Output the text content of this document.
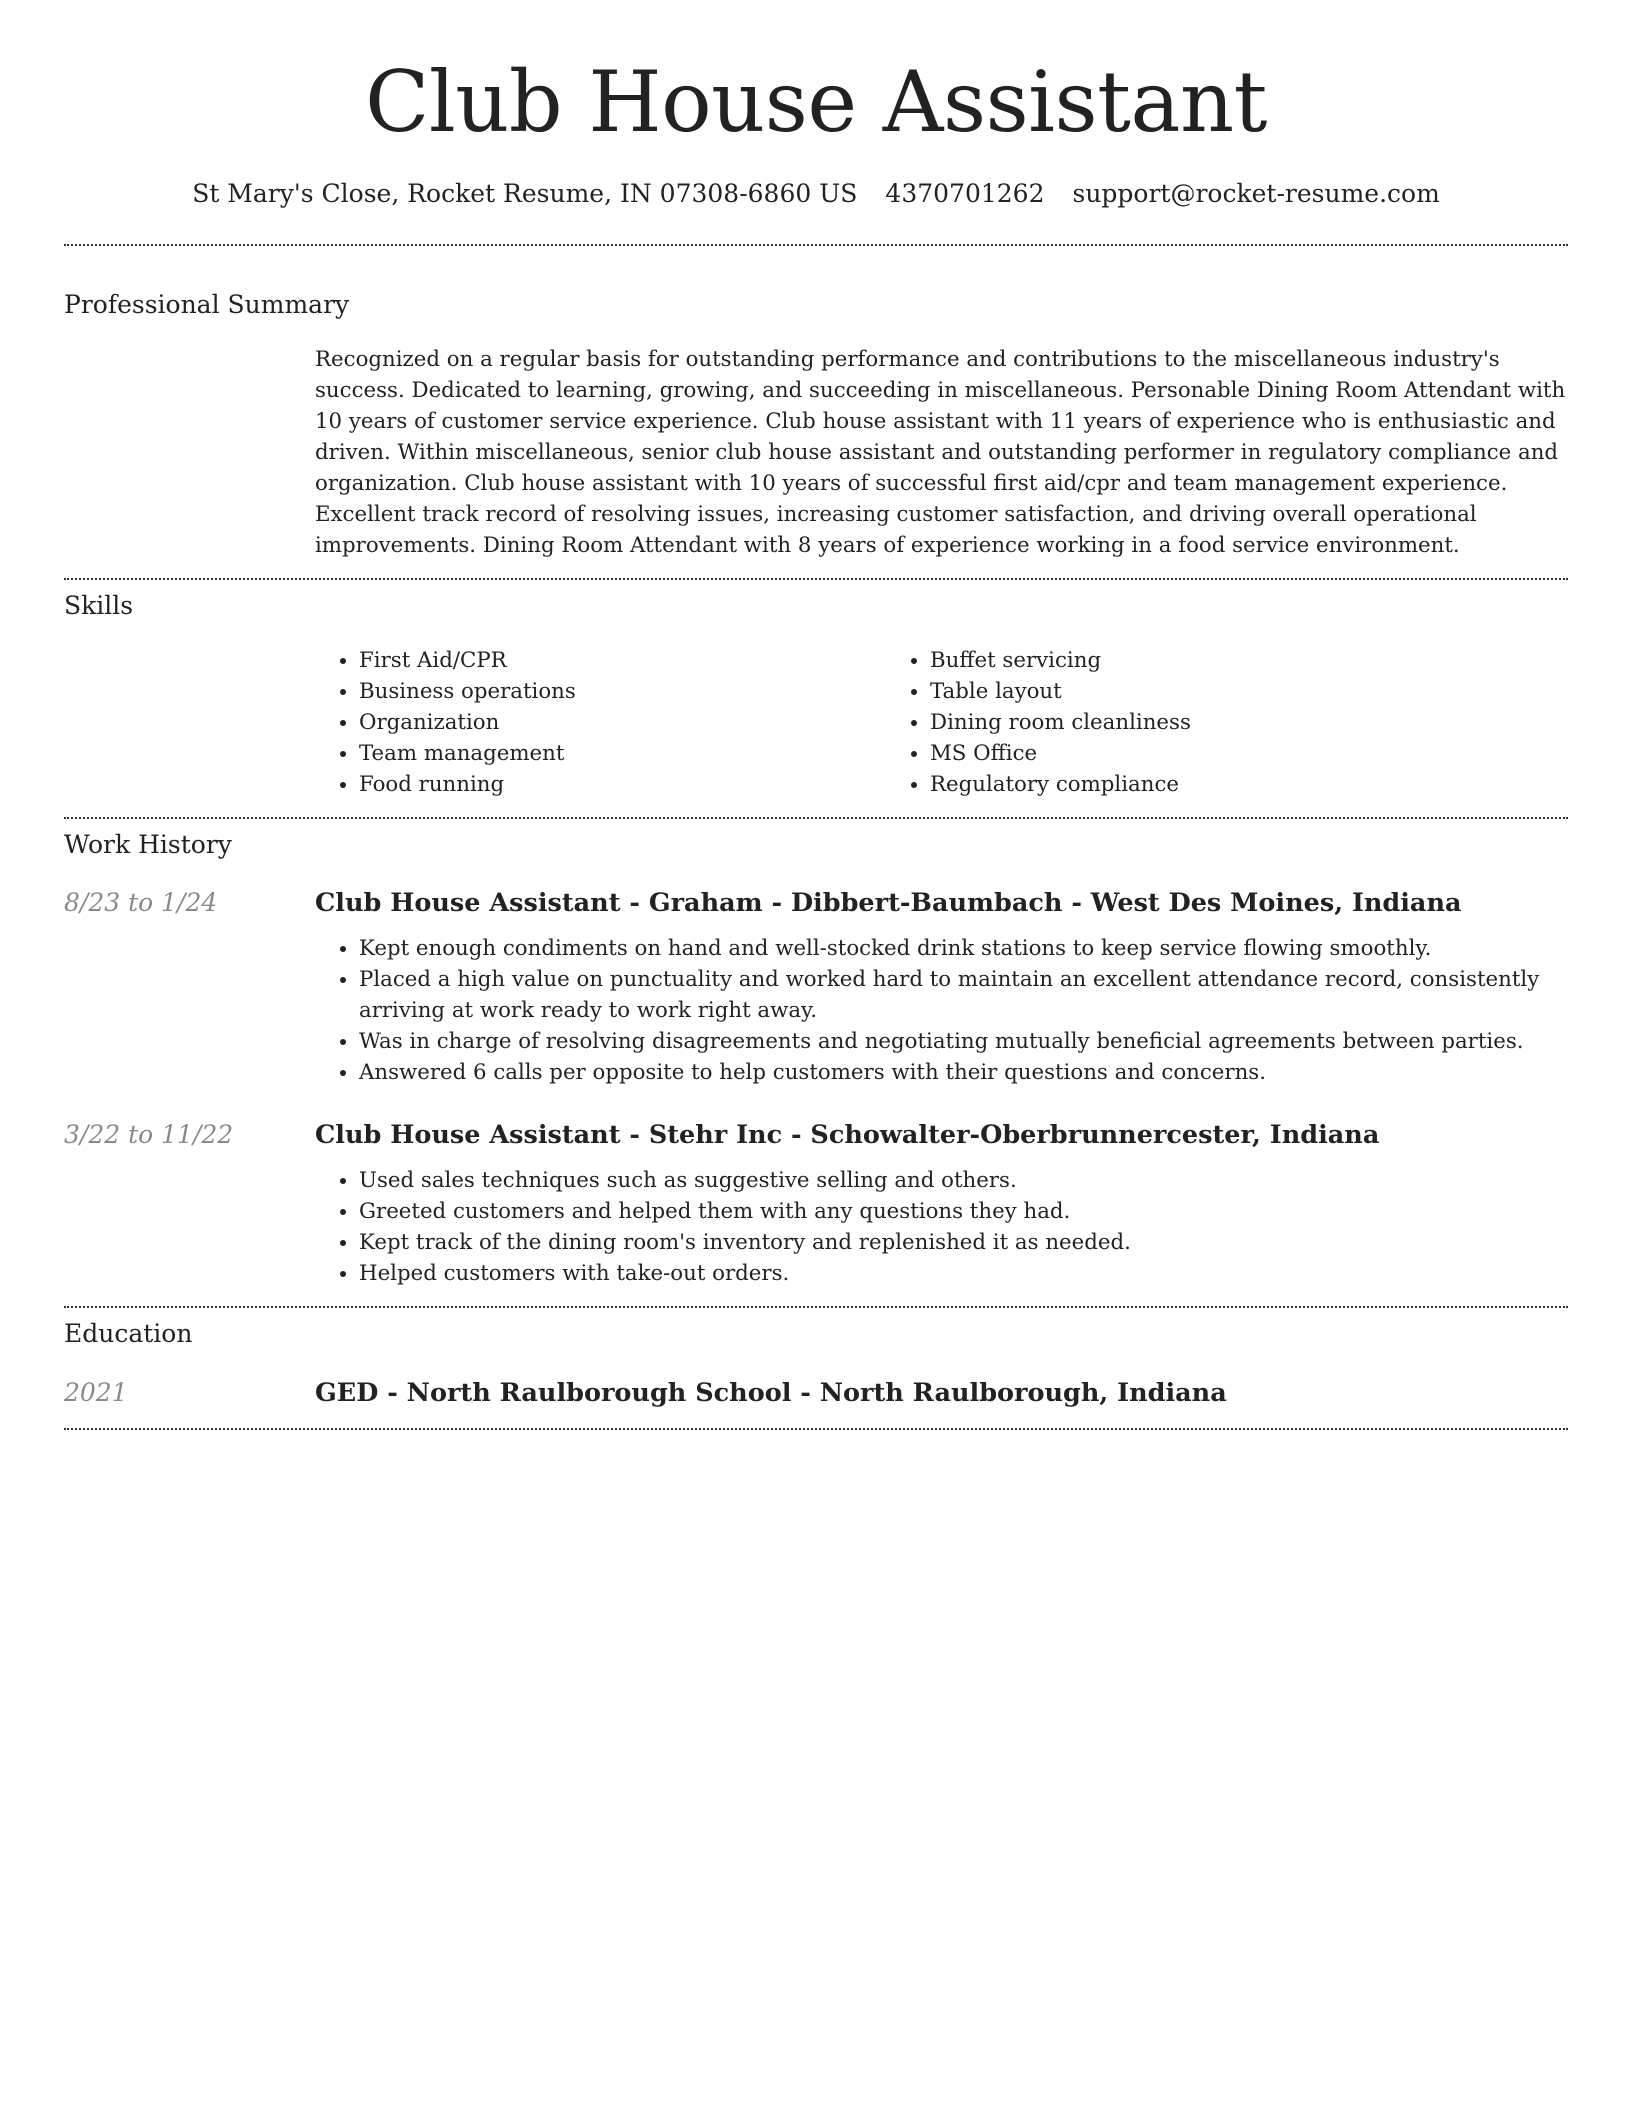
Club House Assistant
St Mary's Close, Rocket Resume, IN 07308-6860 US 4370701262 support@rocket-resume.com
Professional Summary

Recognized on a regular basis for outstanding performance and contributions to the miscellaneous industry's success. Dedicated to learning, growing, and succeeding in miscellaneous. Personable Dining Room Attendant with 10 years of customer service experience. Club house assistant with 11 years of experience who is enthusiastic and driven. Within miscellaneous, senior club house assistant and outstanding performer in regulatory compliance and organization. Club house assistant with 10 years of successful first aid/cpr and team management experience. Excellent track record of resolving issues, increasing customer satisfaction, and driving overall operational improvements. Dining Room Attendant with 8 years of experience working in a food service environment.

Skills
• First Aid/CPR
• Business operations
• Organization
• Team management
• Food running
• Buffet servicing
• Table layout
• Dining room cleanliness
• MS Office
• Regulatory compliance
Work History
8/23 to 1/24	Club House Assistant - Graham - Dibbert-Baumbach - West Des Moines, Indiana
• Kept enough condiments on hand and well-stocked drink stations to keep service flowing smoothly.
• Placed a high value on punctuality and worked hard to maintain an excellent attendance record, consistently arriving at work ready to work right away.
• Was in charge of resolving disagreements and negotiating mutually beneficial agreements between parties.
• Answered 6 calls per opposite to help customers with their questions and concerns.
3/22 to 11/22	Club House Assistant - Stehr Inc - Schowalter-Oberbrunnercester, Indiana
• Used sales techniques such as suggestive selling and others.
• Greeted customers and helped them with any questions they had.
• Kept track of the dining room's inventory and replenished it as needed.
• Helped customers with take-out orders.
Education
2021	GED - North Raulborough School - North Raulborough, Indiana
